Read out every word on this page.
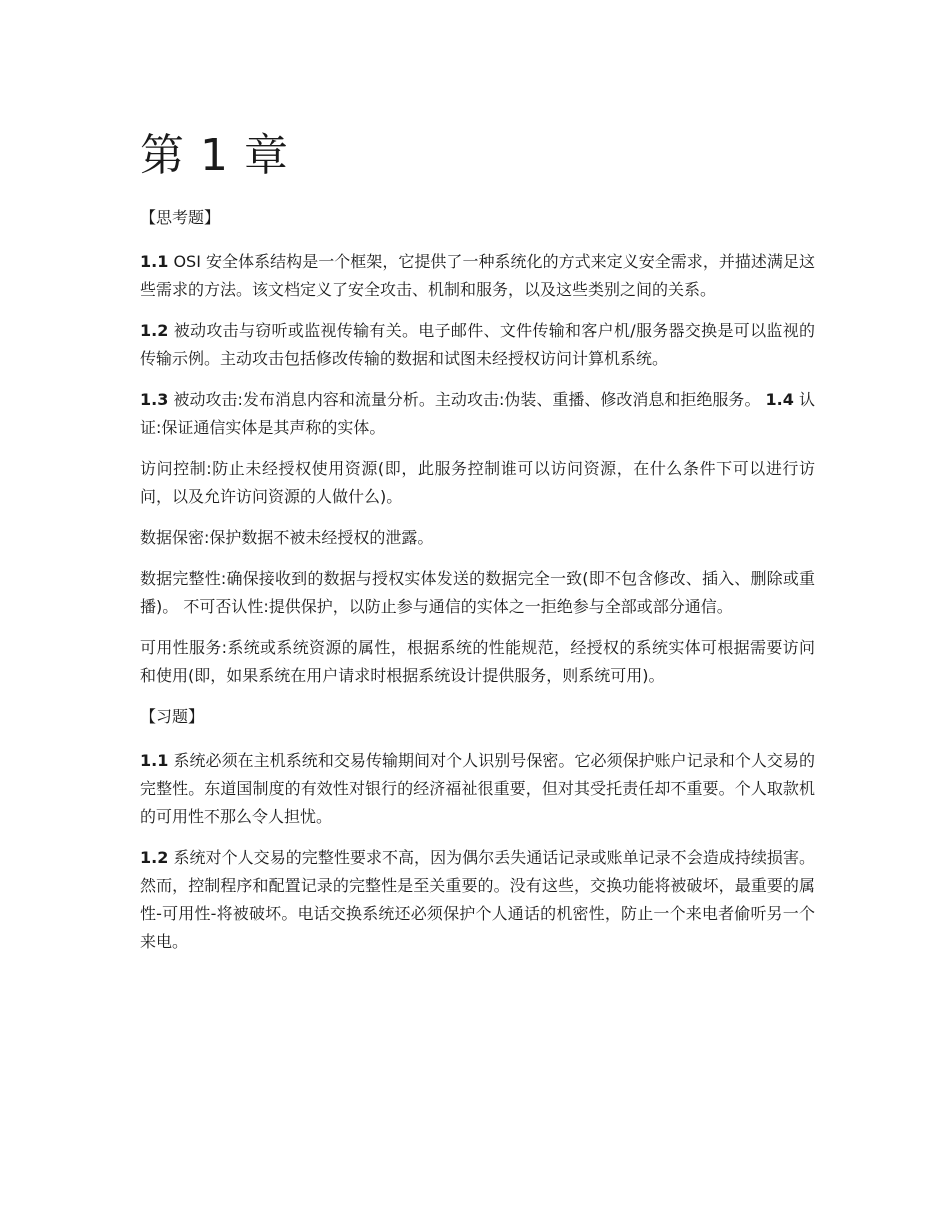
第 1 章
【思考题】

1.1 OSI 安全体系结构是一个框架，它提供了一种系统化的方式来定义安全需求，并描述满足这些需求的方法。该文档定义了安全攻击、机制和服务，以及这些类别之间的关系。

1.2 被动攻击与窃听或监视传输有关。电子邮件、文件传输和客户机/服务器交换是可以监视的传输示例。主动攻击包括修改传输的数据和试图未经授权访问计算机系统。

1.3 被动攻击:发布消息内容和流量分析。主动攻击:伪装、重播、修改消息和拒绝服务。 1.4 认证:保证通信实体是其声称的实体。

访问控制:防止未经授权使用资源(即，此服务控制谁可以访问资源，在什么条件下可以进行访问，以及允许访问资源的人做什么)。

数据保密:保护数据不被未经授权的泄露。

数据完整性:确保接收到的数据与授权实体发送的数据完全一致(即不包含修改、插入、删除或重播)。 不可否认性:提供保护，以防止参与通信的实体之一拒绝参与全部或部分通信。

可用性服务:系统或系统资源的属性，根据系统的性能规范，经授权的系统实体可根据需要访问和使用(即，如果系统在用户请求时根据系统设计提供服务，则系统可用)。

【习题】

1.1 系统必须在主机系统和交易传输期间对个人识别号保密。它必须保护账户记录和个人交易的完整性。东道国制度的有效性对银行的经济福祉很重要，但对其受托责任却不重要。个人取款机的可用性不那么令人担忧。

1.2 系统对个人交易的完整性要求不高，因为偶尔丢失通话记录或账单记录不会造成持续损害。然而，控制程序和配置记录的完整性是至关重要的。没有这些，交换功能将被破坏，最重要的属性-可用性-将被破坏。电话交换系统还必须保护个人通话的机密性，防止一个来电者偷听另一个来电。
